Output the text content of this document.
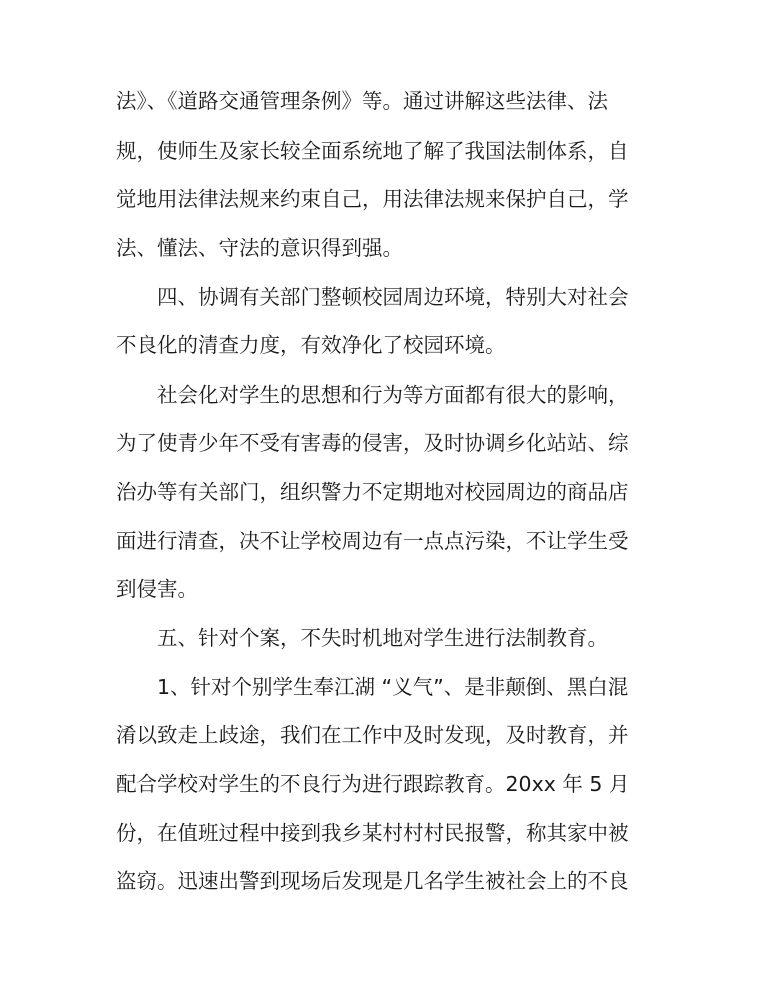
法》、《道路交通管理条例》等。通过讲解这些法律、法
规，使师生及家长较全面系统地了解了我国法制体系，自
觉地用法律法规来约束自己，用法律法规来保护自己，学
法、懂法、守法的意识得到强。
四、协调有关部门整顿校园周边环境，特别大对社会
不良化的清查力度，有效净化了校园环境。
社会化对学生的思想和行为等方面都有很大的影响，
为了使青少年不受有害毒的侵害，及时协调乡化站站、综
治办等有关部门，组织警力不定期地对校园周边的商品店
面进行清查，决不让学校周边有一点点污染，不让学生受
到侵害。
五、针对个案，不失时机地对学生进行法制教育。
1、针对个别学生奉江湖 “义气”、是非颠倒、黑白混
淆以致走上歧途，我们在工作中及时发现，及时教育，并
配合学校对学生的不良行为进行跟踪教育。20xx 年 5 月
份，在值班过程中接到我乡某村村村民报警，称其家中被
盗窃。迅速出警到现场后发现是几名学生被社会上的不良
